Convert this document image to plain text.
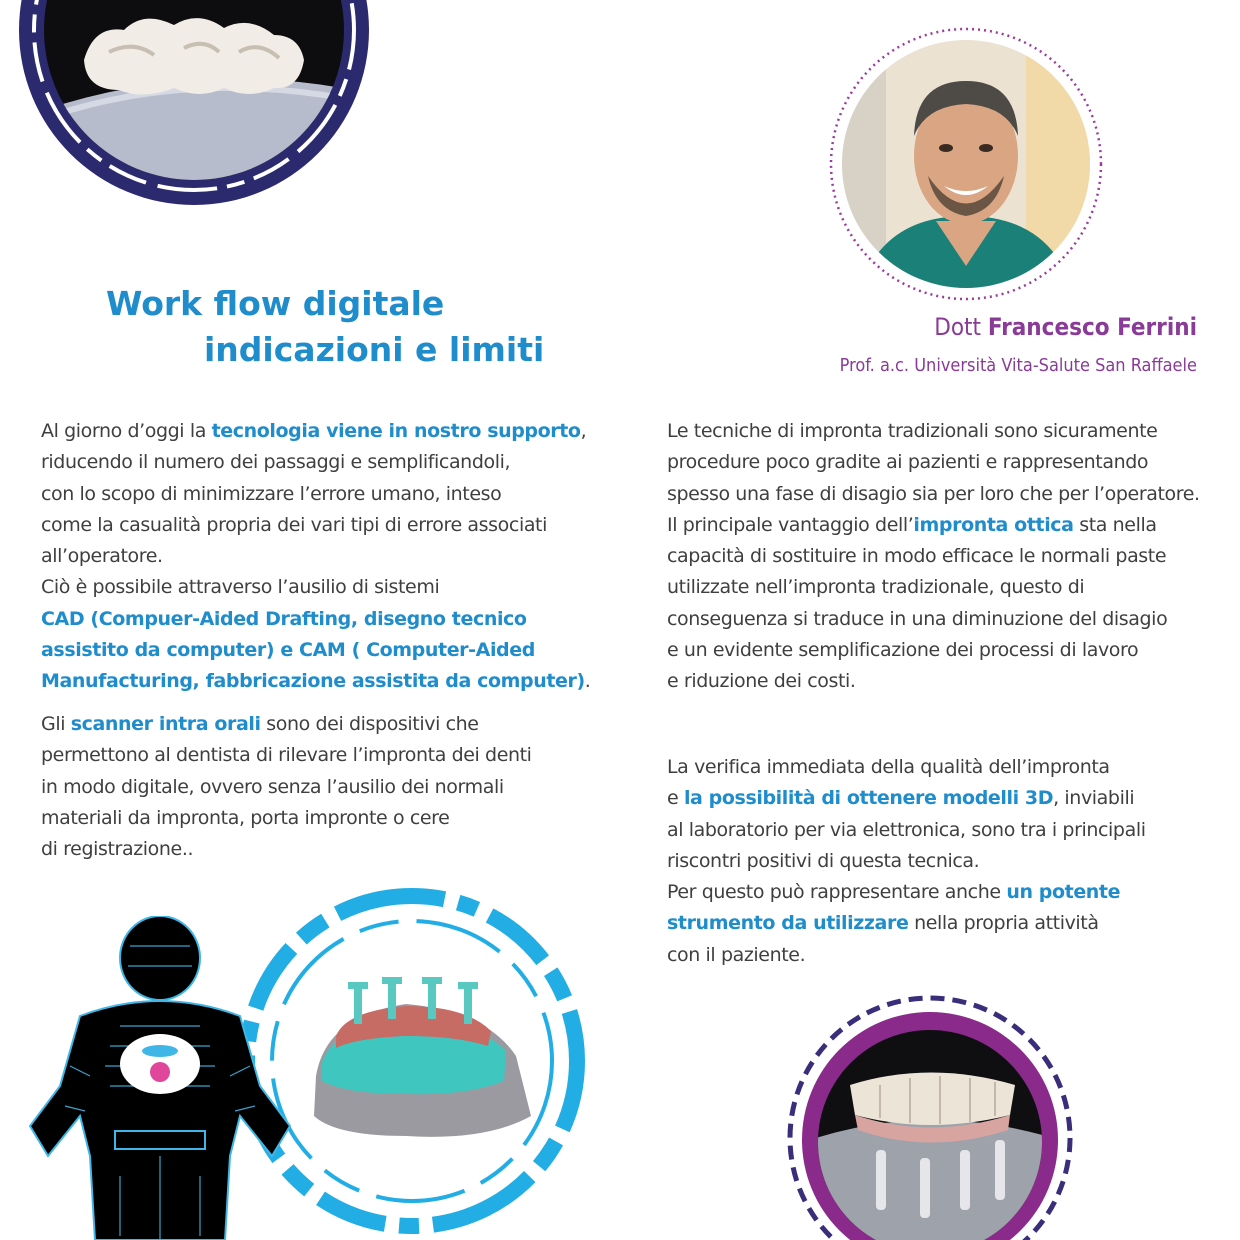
Work flow digitale
indicazioni e limiti
Dott Francesco Ferrini
Prof. a.c. Università Vita-Salute San Raffaele
Al giorno d’oggi la tecnologia viene in nostro supporto,
riducendo il numero dei passaggi e semplificandoli,
con lo scopo di minimizzare l’errore umano, inteso
come la casualità propria dei vari tipi di errore associati
all’operatore.
Ciò è possibile attraverso l’ausilio di sistemi
CAD (Compuer-Aided Drafting, disegno tecnico
assistito da computer) e CAM ( Computer-Aided
Manufacturing, fabbricazione assistita da computer).
Gli scanner intra orali sono dei dispositivi che
permettono al dentista di rilevare l’impronta dei denti
in modo digitale, ovvero senza l’ausilio dei normali
materiali da impronta, porta impronte o cere
di registrazione..
Le tecniche di impronta tradizionali sono sicuramente
procedure poco gradite ai pazienti e rappresentando
spesso una fase di disagio sia per loro che per l’operatore.
Il principale vantaggio dell’impronta ottica sta nella
capacità di sostituire in modo efficace le normali paste
utilizzate nell’impronta tradizionale, questo di
conseguenza si traduce in una diminuzione del disagio
e un evidente semplificazione dei processi di lavoro
e riduzione dei costi.
La verifica immediata della qualità dell’impronta
e la possibilità di ottenere modelli 3D, inviabili
al laboratorio per via elettronica, sono tra i principali
riscontri positivi di questa tecnica.
Per questo può rappresentare anche un potente
strumento da utilizzare nella propria attività
con il paziente.
